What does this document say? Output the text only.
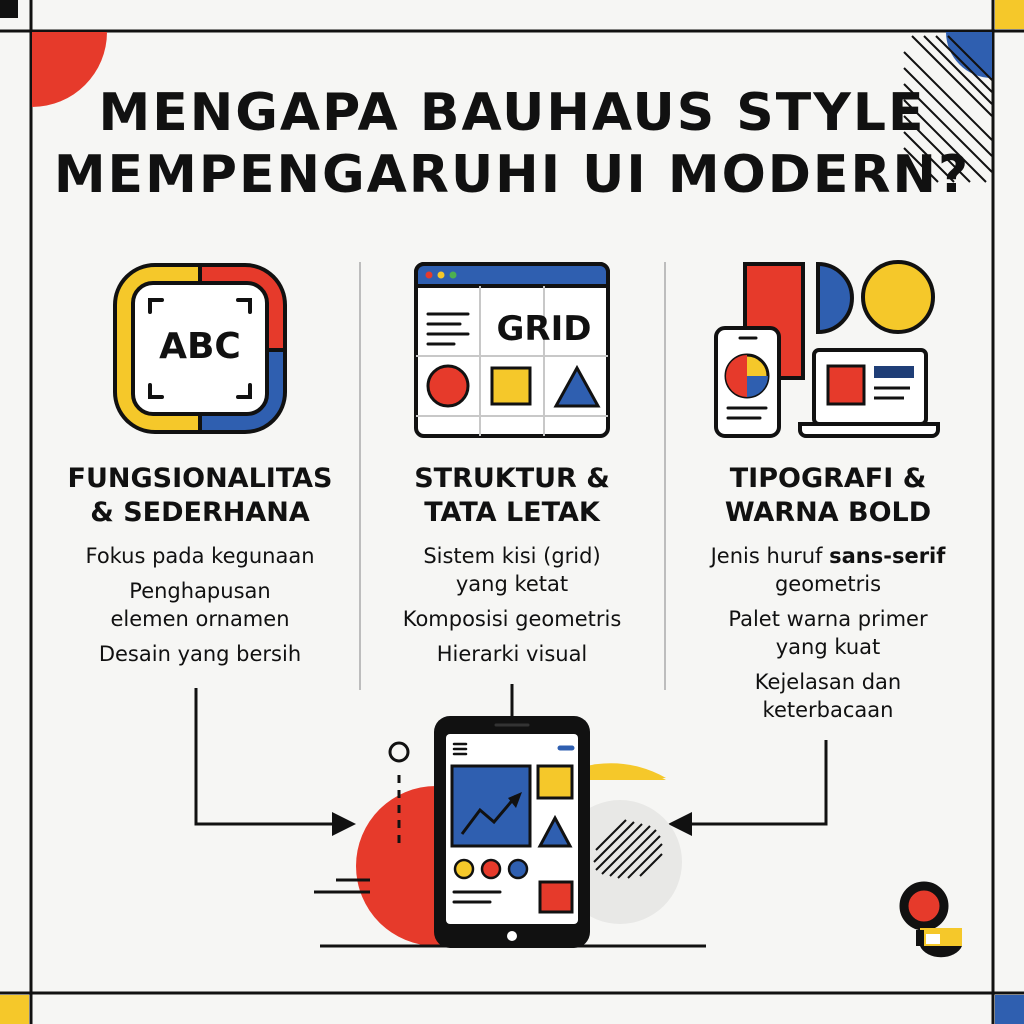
MENGAPA BAUHAUS STYLE
MEMPENGARUHI UI MODERN?
ABC	GRID
FUNGSIONALITAS
& SEDERHANA
Fokus pada kegunaan
Penghapusan elemen ornamen
Desain yang bersih
STRUKTUR &
TATA LETAK
Sistem kisi (grid) yang ketat
Komposisi geometris
Hierarki visual
TIPOGRAFI &
WARNA BOLD
Jenis huruf sans-serif geometris
Palet warna primer yang kuat
Kejelasan dan keterbacaan
